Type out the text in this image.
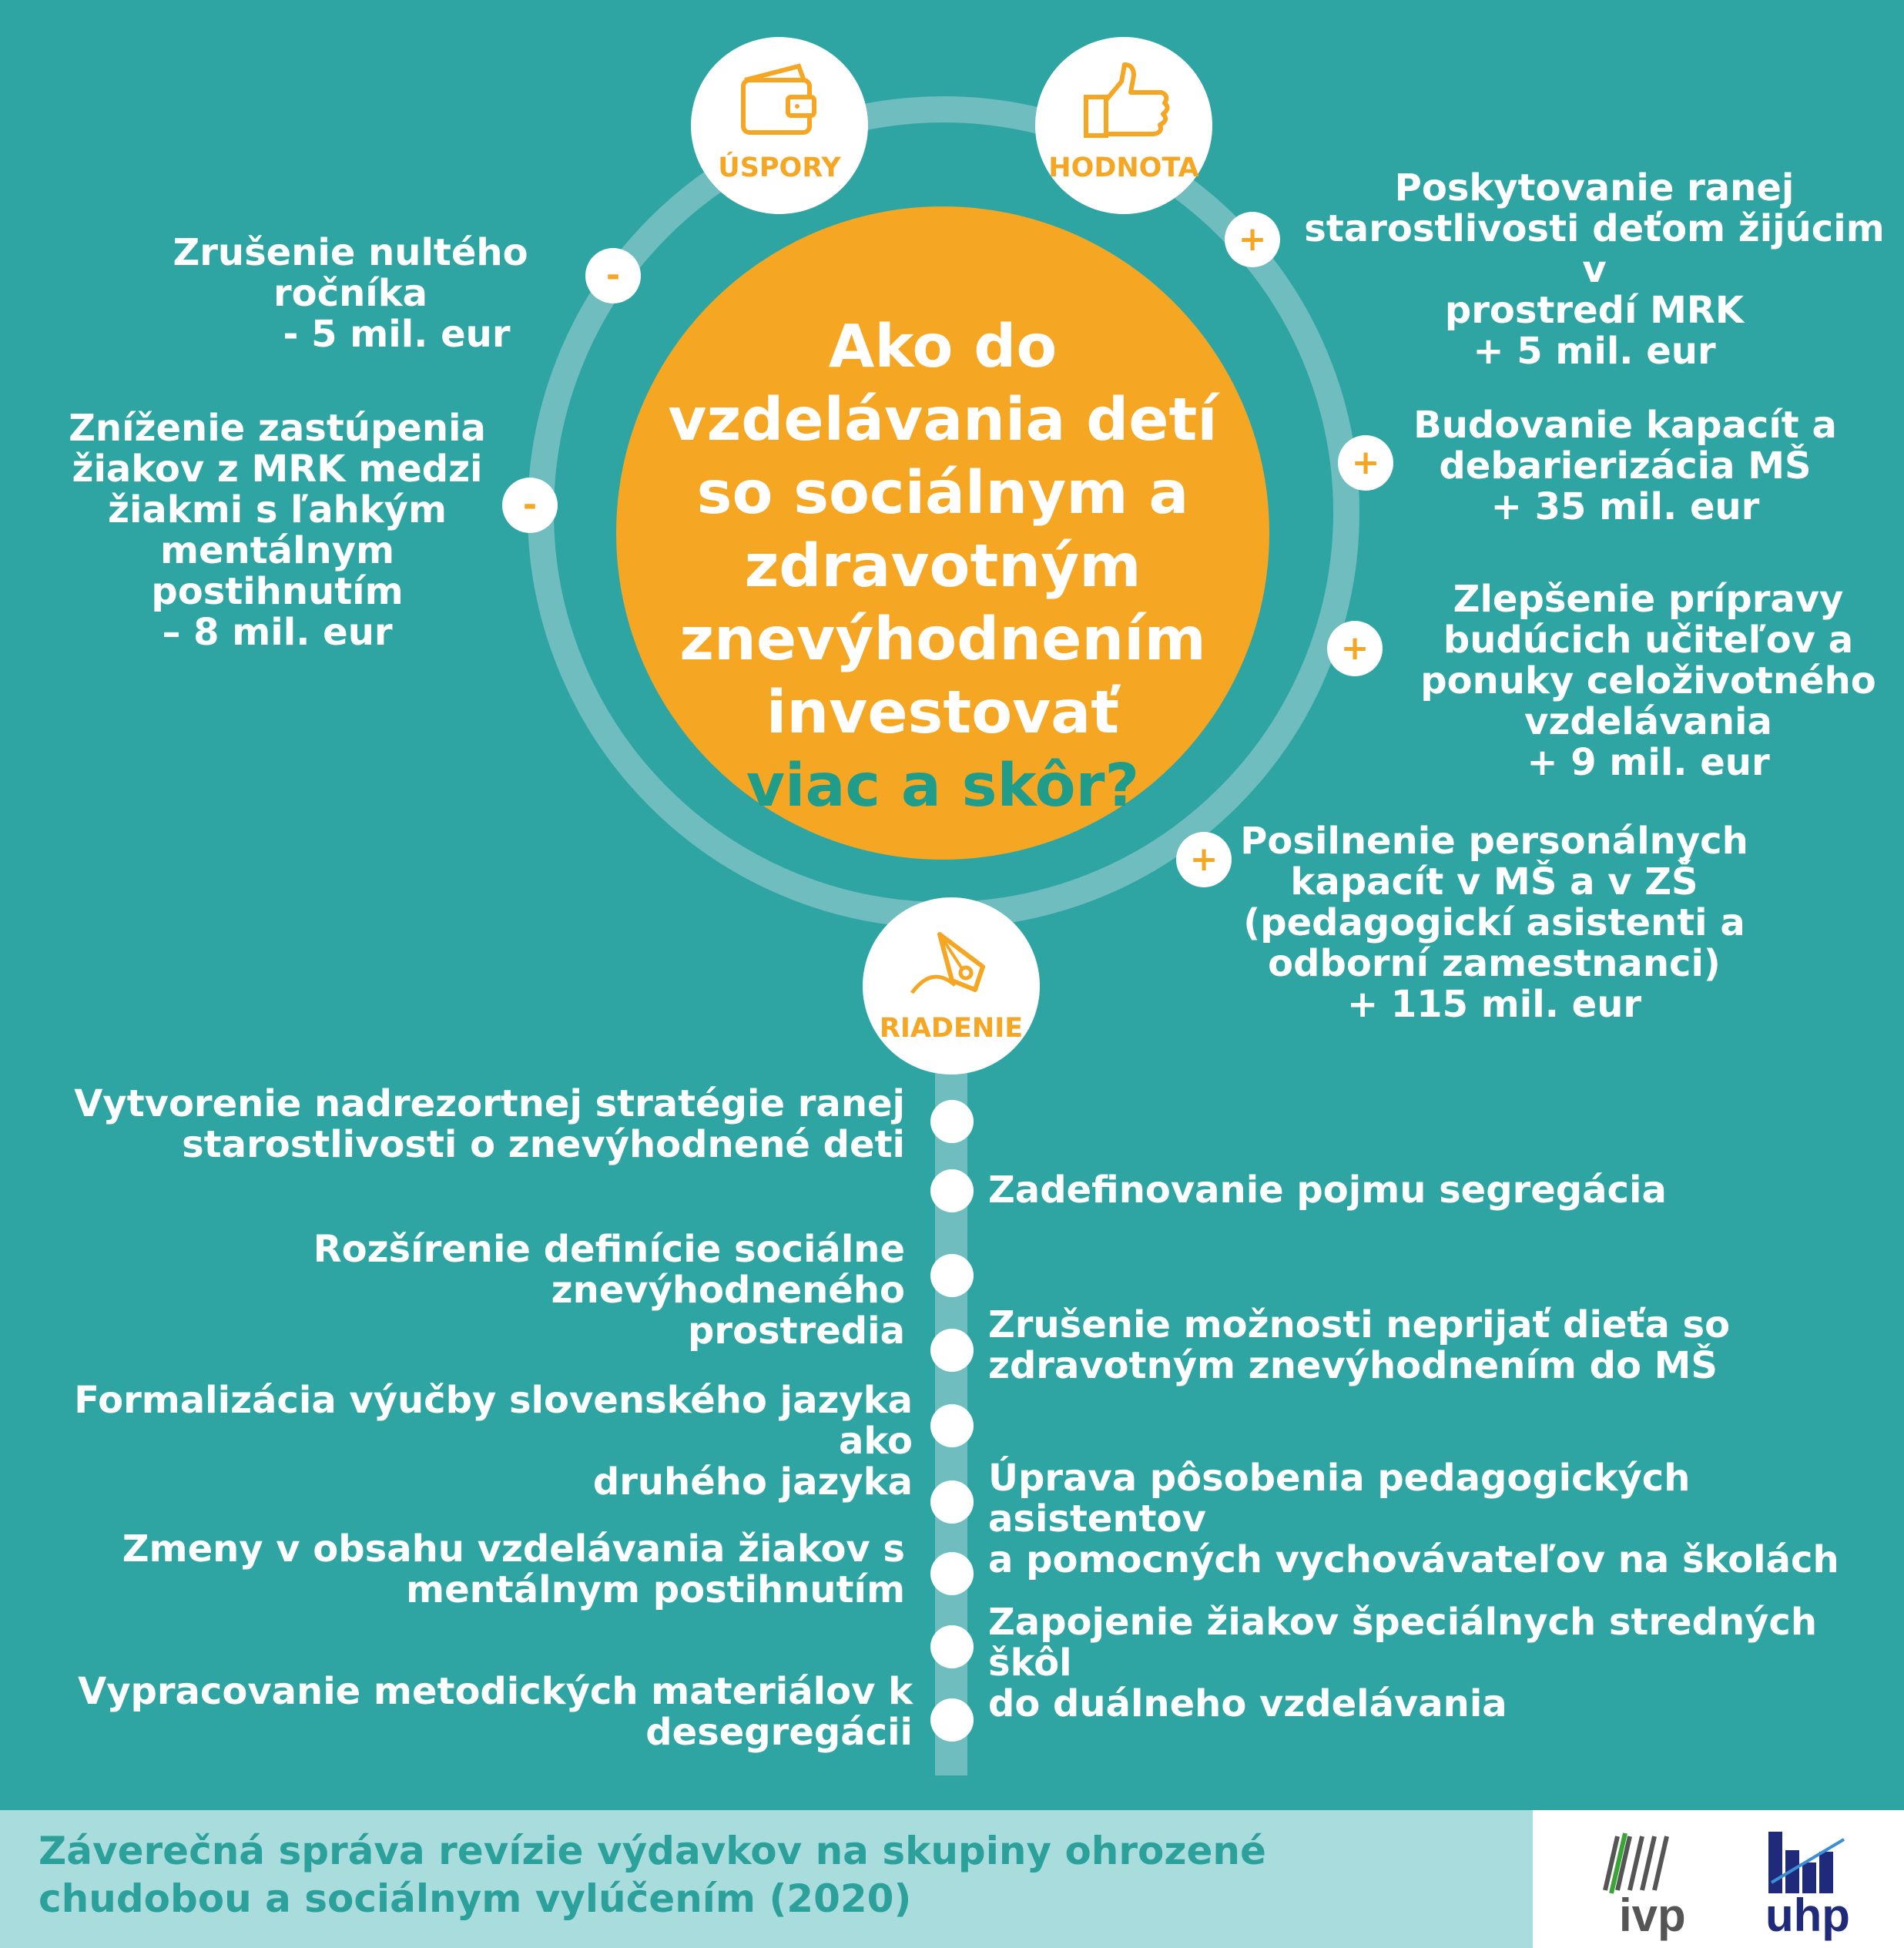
Ako do
vzdelávania detí
so sociálnym a
zdravotným
znevýhodnením
investovať
viac a skôr?
ÚSPORY	HODNOTA
RIADENIE
-
-
+
+
+
+
Zrušenie nultého
ročníka
- 5 mil. eur
Zníženie zastúpenia
žiakov z MRK medzi
žiakmi s ľahkým
mentálnym postihnutím
– 8 mil. eur
Poskytovanie ranej
starostlivosti deťom žijúcim v
prostredí MRK
+ 5 mil. eur
Budovanie kapacít a
debarierizácia MŠ
+ 35 mil. eur
Zlepšenie prípravy
budúcich učiteľov a
ponuky celoživotného
vzdelávania
+ 9 mil. eur
Posilnenie personálnych
kapacít v MŠ a v ZŠ
(pedagogickí asistenti a
odborní zamestnanci)
+ 115 mil. eur
Vytvorenie nadrezortnej stratégie ranej
starostlivosti o znevýhodnené deti
Rozšírenie definície sociálne znevýhodneného
prostredia
Formalizácia výučby slovenského jazyka ako
druhého jazyka
Zmeny v obsahu vzdelávania žiakov s
mentálnym postihnutím
Vypracovanie metodických materiálov k
desegregácii
Zadefinovanie pojmu segregácia
Zrušenie možnosti neprijať dieťa so
zdravotným znevýhodnením do MŠ
Úprava pôsobenia pedagogických asistentov
a pomocných vychovávateľov na školách
Zapojenie žiakov špeciálnych stredných škôl
do duálneho vzdelávania
Záverečná správa revízie výdavkov na skupiny ohrozené
chudobou a sociálnym vylúčením (2020)	ivp uhp
